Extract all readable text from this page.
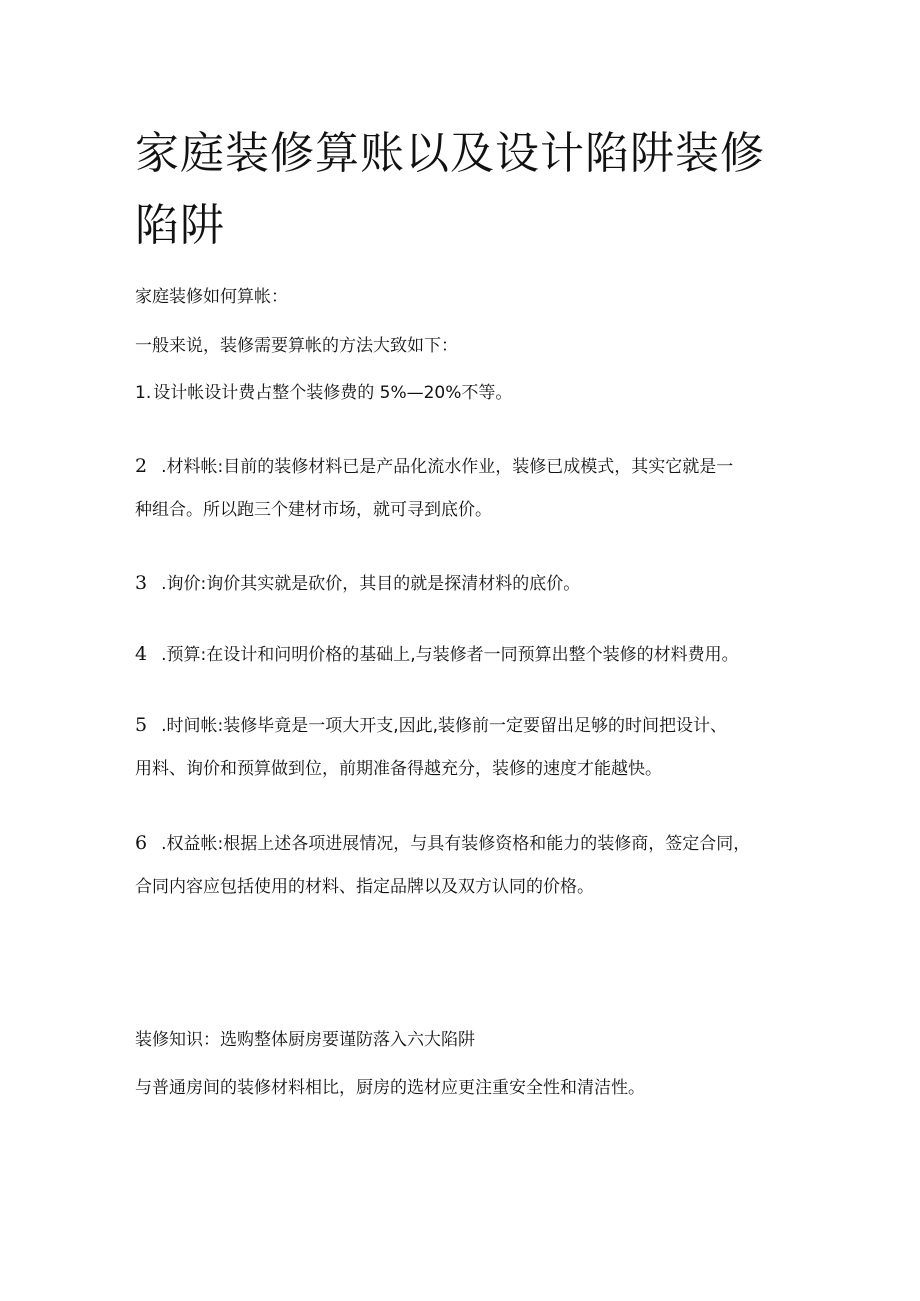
家庭装修算账以及设计陷阱装修陷阱

家庭装修如何算帐：

一般来说，装修需要算帐的方法大致如下：

1. 设计帐设计费占整个装修费的 5%—20%不等。

2 .材料帐:目前的装修材料已是产品化流水作业，装修已成模式，其实它就是一
种组合。所以跑三个建材市场，就可寻到底价。

3 .询价:询价其实就是砍价，其目的就是探清材料的底价。

4 .预算:在设计和问明价格的基础上,与装修者一同预算出整个装修的材料费用。

5 .时间帐:装修毕竟是一项大开支,因此,装修前一定要留出足够的时间把设计、
用料、询价和预算做到位，前期准备得越充分，装修的速度才能越快。

6 .权益帐:根据上述各项进展情况，与具有装修资格和能力的装修商，签定合同，
合同内容应包括使用的材料、指定品牌以及双方认同的价格。

装修知识：选购整体厨房要谨防落入六大陷阱

与普通房间的装修材料相比，厨房的选材应更注重安全性和清洁性。
